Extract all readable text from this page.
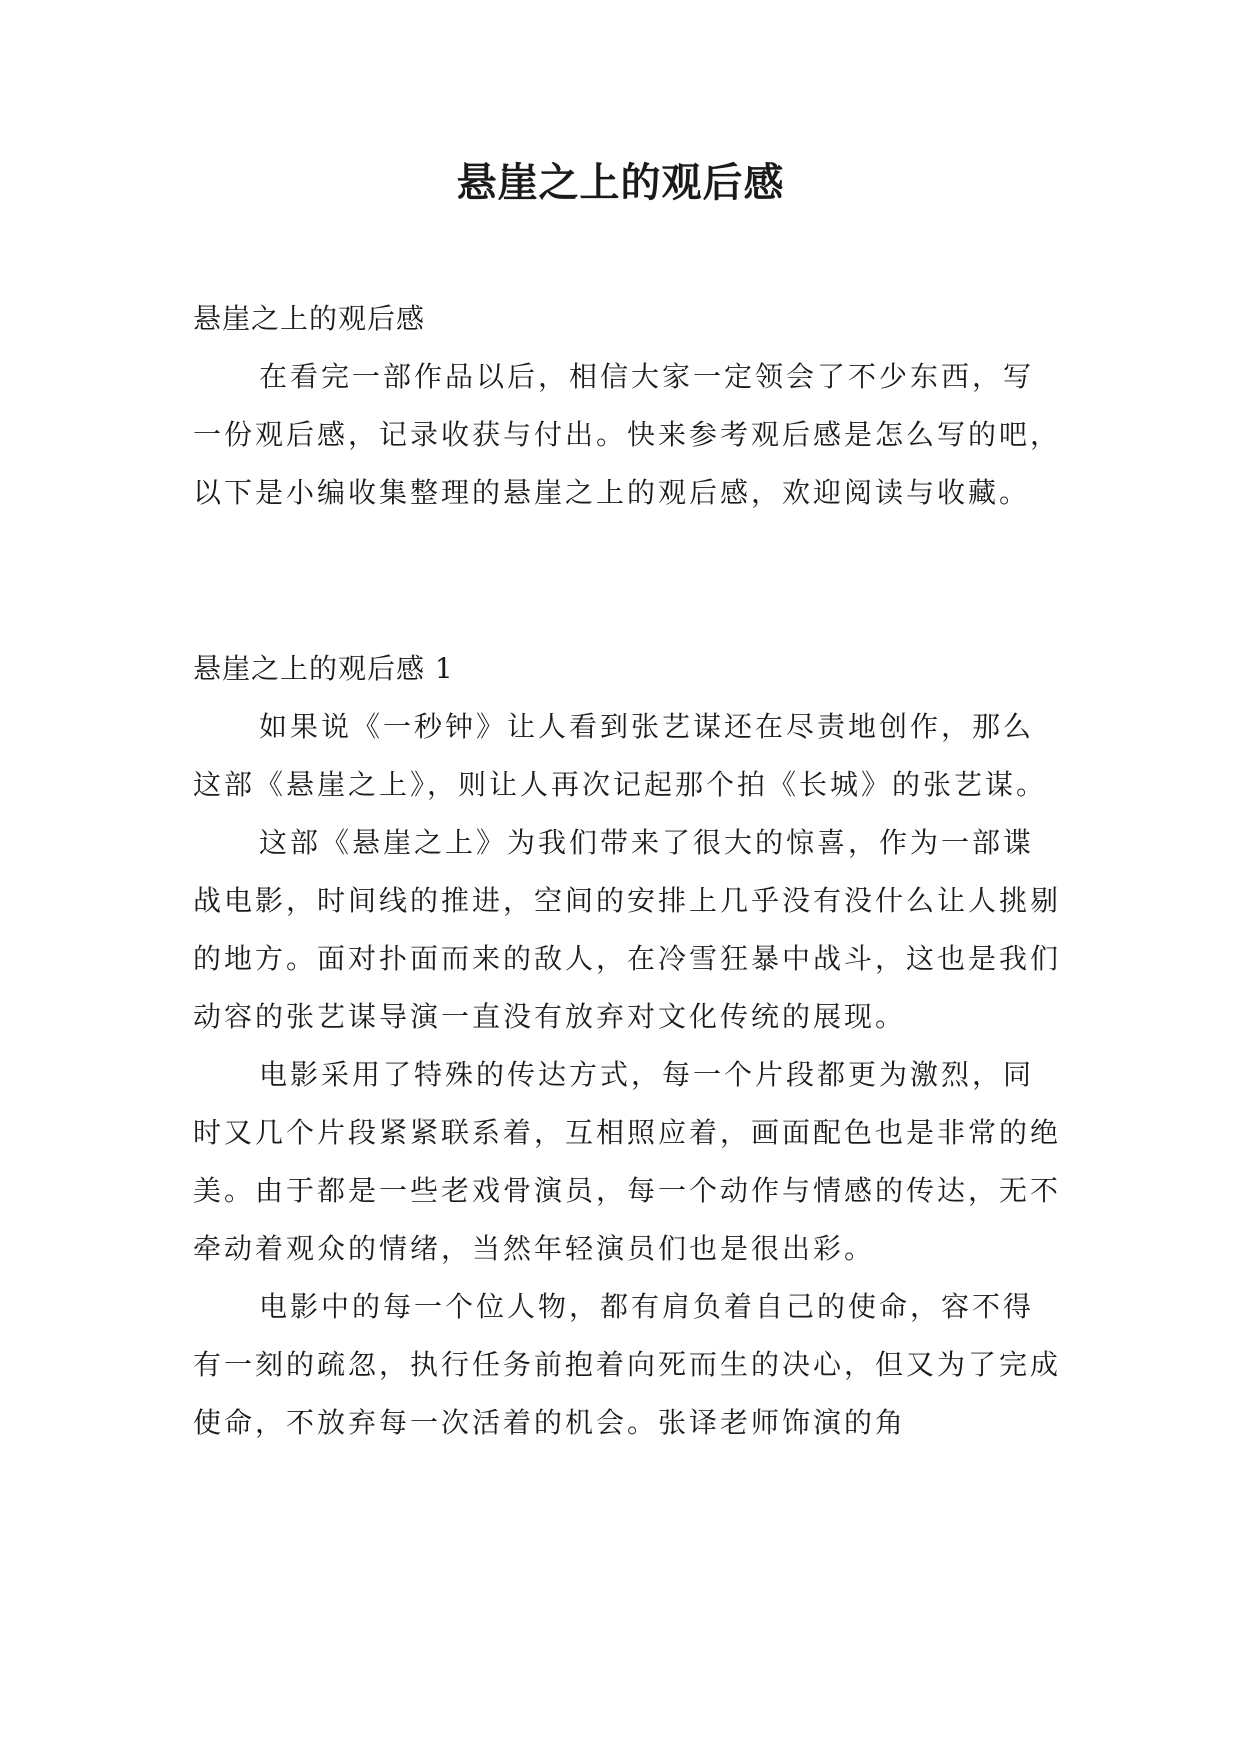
悬崖之上的观后感
悬崖之上的观后感

在看完一部作品以后，相信大家一定领会了不少东西，写一份观后感，记录收获与付出。快来参考观后感是怎么写的吧，以下是小编收集整理的悬崖之上的观后感，欢迎阅读与收藏。

悬崖之上的观后感 1

如果说《一秒钟》让人看到张艺谋还在尽责地创作，那么这部《悬崖之上》，则让人再次记起那个拍《长城》的张艺谋。

这部《悬崖之上》为我们带来了很大的惊喜，作为一部谍战电影，时间线的推进，空间的安排上几乎没有没什么让人挑剔的地方。面对扑面而来的敌人，在冷雪狂暴中战斗，这也是我们动容的张艺谋导演一直没有放弃对文化传统的展现。

电影采用了特殊的传达方式，每一个片段都更为激烈，同时又几个片段紧紧联系着，互相照应着，画面配色也是非常的绝美。由于都是一些老戏骨演员，每一个动作与情感的传达，无不牵动着观众的情绪，当然年轻演员们也是很出彩。

电影中的每一个位人物，都有肩负着自己的使命，容不得有一刻的疏忽，执行任务前抱着向死而生的决心，但又为了完成使命，不放弃每一次活着的机会。张译老师饰演的角
